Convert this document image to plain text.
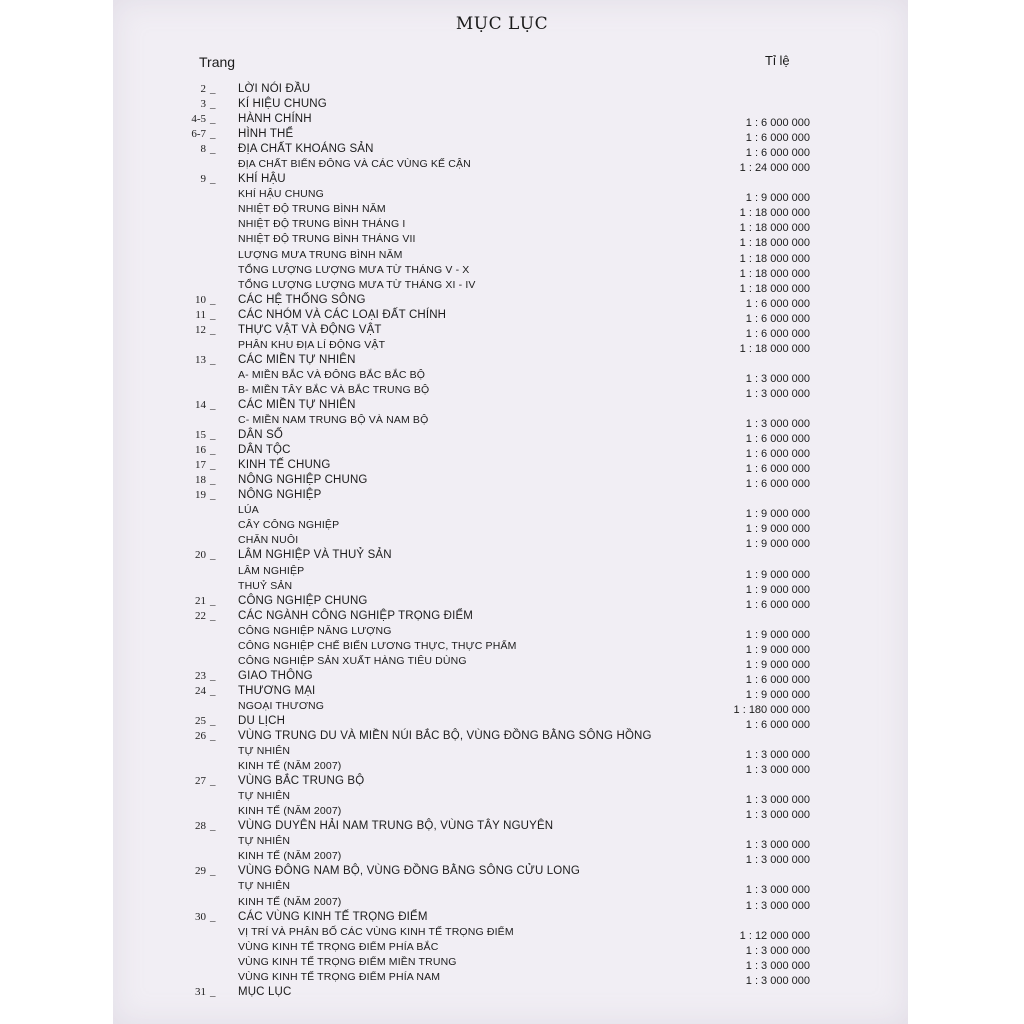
MỤC LỤC
Trang	Tỉ lệ
2 _	LỜI NÓI ĐẦU
3 _	KÍ HIỆU CHUNG
4-5 _	HÀNH CHÍNH	1 : 6 000 000
6-7 _	HÌNH THỂ	1 : 6 000 000
8 _	ĐỊA CHẤT KHOÁNG SẢN	1 : 6 000 000
ĐỊA CHẤT BIỂN ĐÔNG VÀ CÁC VÙNG KẾ CẬN	1 : 24 000 000
9 _	KHÍ HẬU
KHÍ HẬU CHUNG	1 : 9 000 000
NHIỆT ĐỘ TRUNG BÌNH NĂM	1 : 18 000 000
NHIỆT ĐỘ TRUNG BÌNH THÁNG I	1 : 18 000 000
NHIỆT ĐỘ TRUNG BÌNH THÁNG VII	1 : 18 000 000
LƯỢNG MƯA TRUNG BÌNH NĂM	1 : 18 000 000
TỔNG LƯỢNG LƯỢNG MƯA TỪ THÁNG V - X	1 : 18 000 000
TỔNG LƯỢNG LƯỢNG MƯA TỪ THÁNG XI - IV	1 : 18 000 000
10 _	CÁC HỆ THỐNG SÔNG	1 : 6 000 000
11 _	CÁC NHÓM VÀ CÁC LOẠI ĐẤT CHÍNH	1 : 6 000 000
12 _	THỰC VẬT VÀ ĐỘNG VẬT	1 : 6 000 000
PHÂN KHU ĐỊA LÍ ĐỘNG VẬT	1 : 18 000 000
13 _	CÁC MIỀN TỰ NHIÊN
A- MIỀN BẮC VÀ ĐÔNG BẮC BẮC BỘ	1 : 3 000 000
B- MIỀN TÂY BẮC VÀ BẮC TRUNG BỘ	1 : 3 000 000
14 _	CÁC MIỀN TỰ NHIÊN
C- MIỀN NAM TRUNG BỘ VÀ NAM BỘ	1 : 3 000 000
15 _	DÂN SỐ	1 : 6 000 000
16 _	DÂN TỘC	1 : 6 000 000
17 _	KINH TẾ CHUNG	1 : 6 000 000
18 _	NÔNG NGHIỆP CHUNG	1 : 6 000 000
19 _	NÔNG NGHIỆP
LÚA	1 : 9 000 000
CÂY CÔNG NGHIỆP	1 : 9 000 000
CHĂN NUÔI	1 : 9 000 000
20 _	LÂM NGHIỆP VÀ THUỶ SẢN
LÂM NGHIỆP	1 : 9 000 000
THUỶ SẢN	1 : 9 000 000
21 _	CÔNG NGHIỆP CHUNG	1 : 6 000 000
22 _	CÁC NGÀNH CÔNG NGHIỆP TRỌNG ĐIỂM
CÔNG NGHIỆP NĂNG LƯỢNG	1 : 9 000 000
CÔNG NGHIỆP CHẾ BIẾN LƯƠNG THỰC, THỰC PHẨM	1 : 9 000 000
CÔNG NGHIỆP SẢN XUẤT HÀNG TIÊU DÙNG	1 : 9 000 000
23 _	GIAO THÔNG	1 : 6 000 000
24 _	THƯƠNG MẠI	1 : 9 000 000
NGOẠI THƯƠNG	1 : 180 000 000
25 _	DU LỊCH	1 : 6 000 000
26 _	VÙNG TRUNG DU VÀ MIỀN NÚI BẮC BỘ, VÙNG ĐỒNG BẰNG SÔNG HỒNG
TỰ NHIÊN	1 : 3 000 000
KINH TẾ (NĂM 2007)	1 : 3 000 000
27 _	VÙNG BẮC TRUNG BỘ
TỰ NHIÊN	1 : 3 000 000
KINH TẾ (NĂM 2007)	1 : 3 000 000
28 _	VÙNG DUYÊN HẢI NAM TRUNG BỘ, VÙNG TÂY NGUYÊN
TỰ NHIÊN	1 : 3 000 000
KINH TẾ (NĂM 2007)	1 : 3 000 000
29 _	VÙNG ĐÔNG NAM BỘ, VÙNG ĐỒNG BẰNG SÔNG CỬU LONG
TỰ NHIÊN	1 : 3 000 000
KINH TẾ (NĂM 2007)	1 : 3 000 000
30 _	CÁC VÙNG KINH TẾ TRỌNG ĐIỂM
VỊ TRÍ VÀ PHÂN BỐ CÁC VÙNG KINH TẾ TRỌNG ĐIỂM	1 : 12 000 000
VÙNG KINH TẾ TRỌNG ĐIỂM PHÍA BẮC	1 : 3 000 000
VÙNG KINH TẾ TRỌNG ĐIỂM MIỀN TRUNG	1 : 3 000 000
VÙNG KINH TẾ TRỌNG ĐIỂM PHÍA NAM	1 : 3 000 000
31 _	MỤC LỤC
